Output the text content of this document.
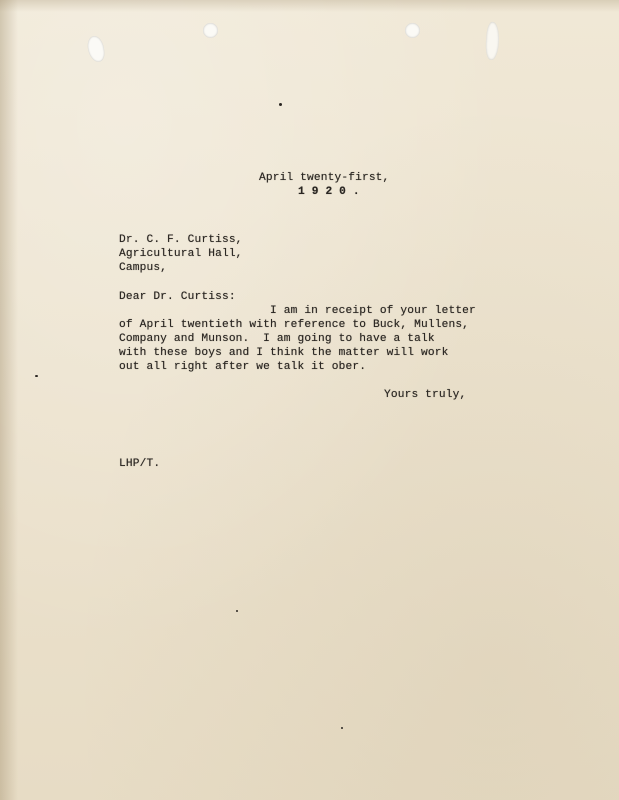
April twenty-first,

1 9 2 0 .

Dr. C. F. Curtiss,

Agricultural Hall,

Campus,

Dear Dr. Curtiss:

I am in receipt of your letter

of April twentieth with reference to Buck, Mullens,

Company and Munson.  I am going to have a talk

with these boys and I think the matter will work

out all right after we talk it ober.

Yours truly,

LHP/T.
